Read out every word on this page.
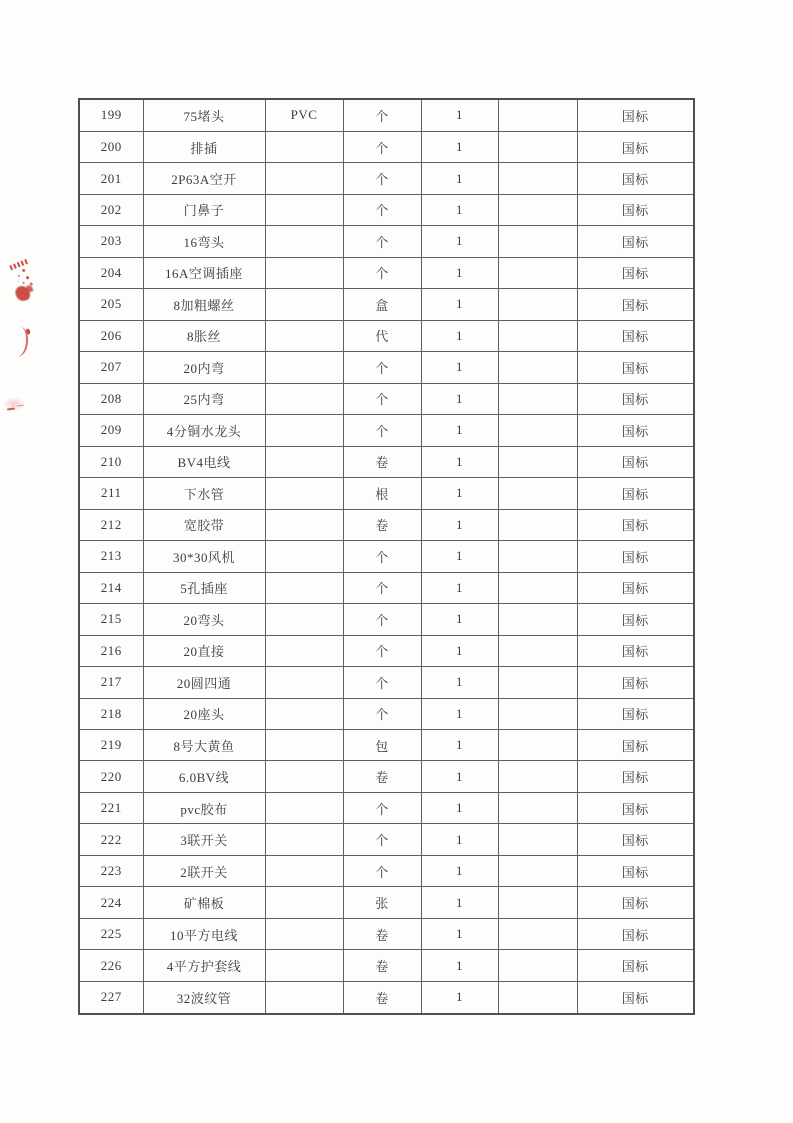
199	75堵头	PVC	个	1		国标
200	排插		个	1		国标
201	2P63A空开		个	1		国标
202	门鼻子		个	1		国标
203	16弯头		个	1		国标
204	16A空调插座		个	1		国标
205	8加粗螺丝		盒	1		国标
206	8胀丝		代	1		国标
207	20内弯		个	1		国标
208	25内弯		个	1		国标
209	4分铜水龙头		个	1		国标
210	BV4电线		卷	1		国标
211	下水管		根	1		国标
212	宽胶带		卷	1		国标
213	30*30风机		个	1		国标
214	5孔插座		个	1		国标
215	20弯头		个	1		国标
216	20直接		个	1		国标
217	20圆四通		个	1		国标
218	20座头		个	1		国标
219	8号大黄鱼		包	1		国标
220	6.0BV线		卷	1		国标
221	pvc胶布		个	1		国标
222	3联开关		个	1		国标
223	2联开关		个	1		国标
224	矿棉板		张	1		国标
225	10平方电线		卷	1		国标
226	4平方护套线		卷	1		国标
227	32波纹管		卷	1		国标
